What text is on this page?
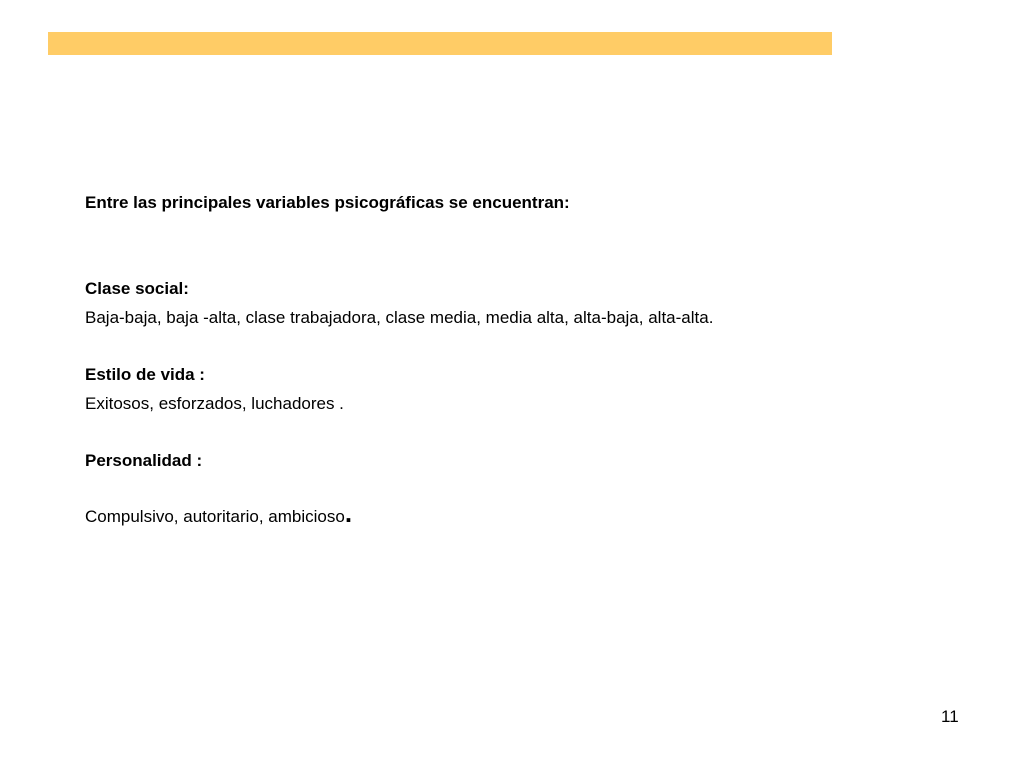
Entre las principales variables psicográficas se encuentran:
Clase social:
Baja-baja, baja -alta, clase trabajadora, clase media, media alta, alta-baja, alta-alta.
Estilo de vida :
Exitosos, esforzados, luchadores .
Personalidad :
Compulsivo, autoritario, ambicioso.
11
